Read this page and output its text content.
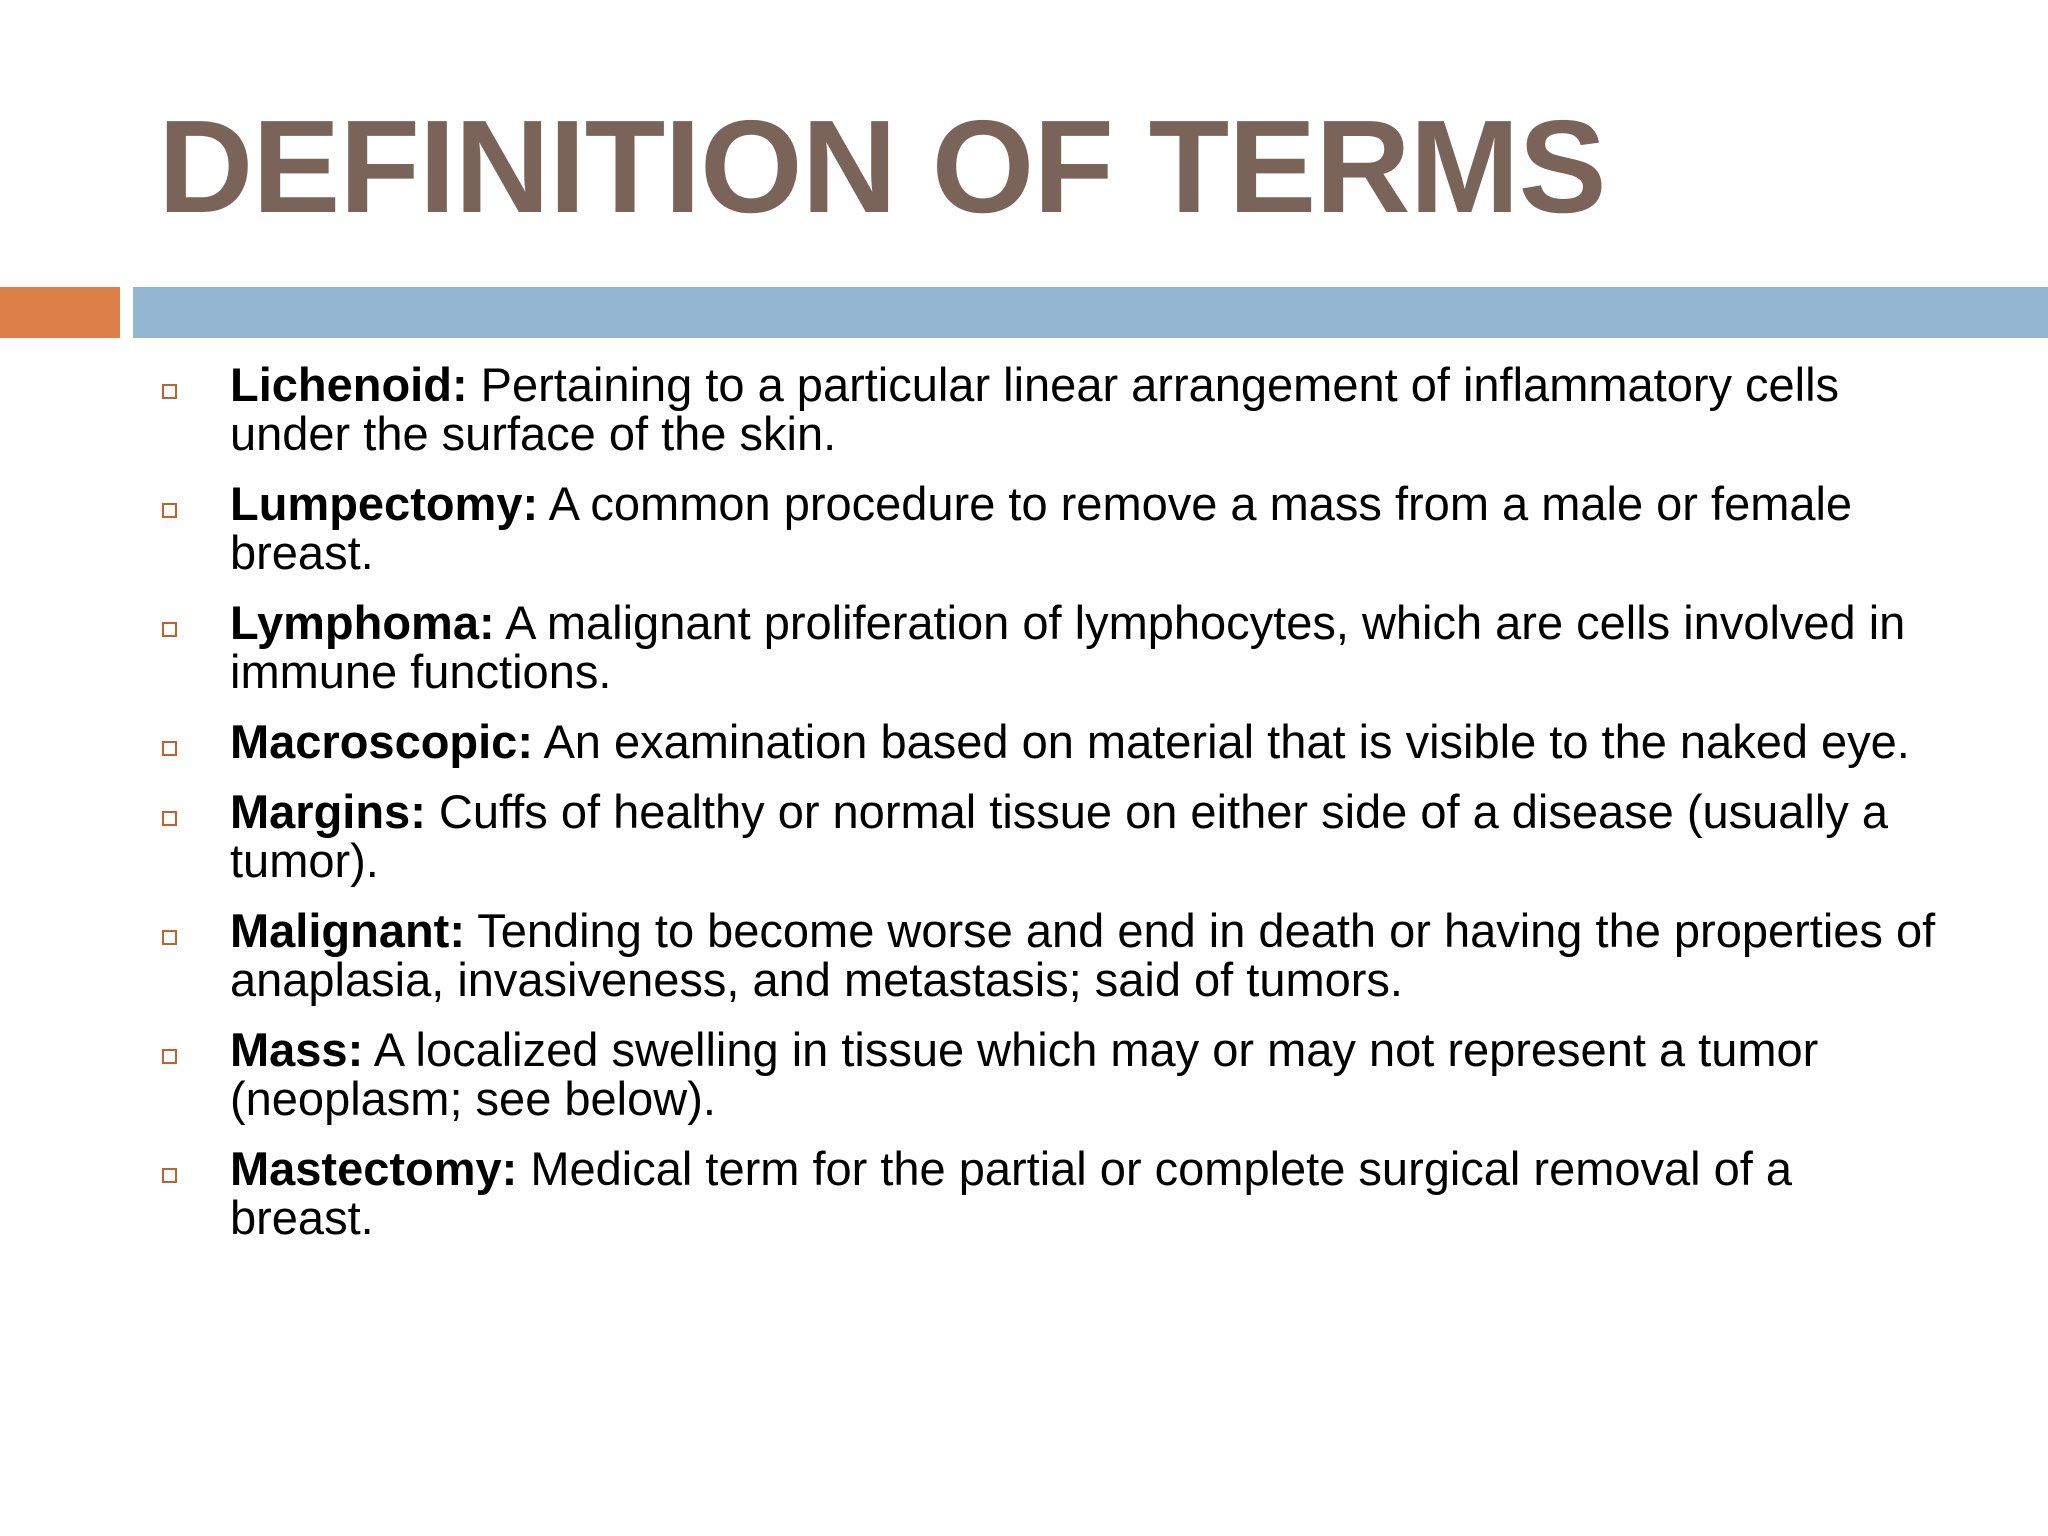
DEFINITION OF TERMS
Lichenoid: Pertaining to a particular linear arrangement of inflammatory cells under the surface of the skin.
Lumpectomy: A common procedure to remove a mass from a male or female breast.
Lymphoma: A malignant proliferation of lymphocytes, which are cells involved in immune functions.
Macroscopic: An examination based on material that is visible to the naked eye.
Margins: Cuffs of healthy or normal tissue on either side of a disease (usually a tumor).
Malignant: Tending to become worse and end in death or having the properties of anaplasia, invasiveness, and metastasis; said of tumors.
Mass: A localized swelling in tissue which may or may not represent a tumor (neoplasm; see below).
Mastectomy: Medical term for the partial or complete surgical removal of a breast.
